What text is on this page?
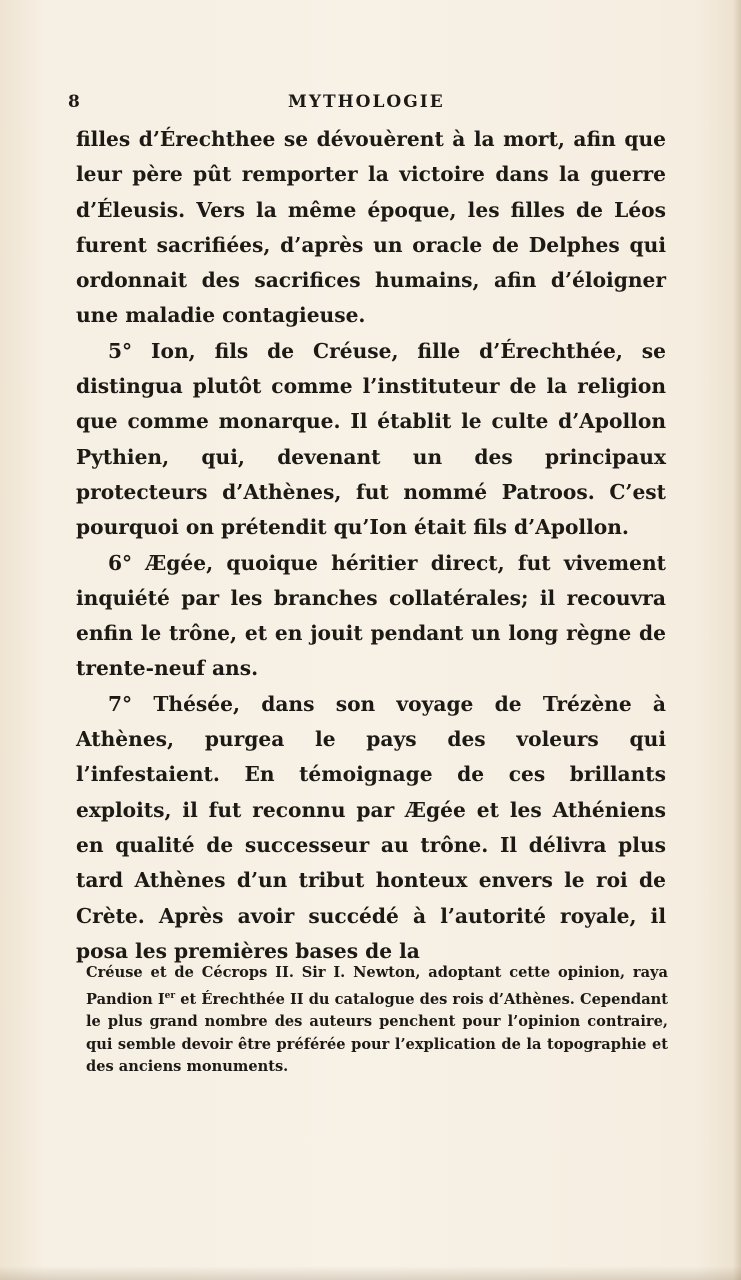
8	MYTHOLOGIE

filles d’Érechthee se dévouèrent à la mort, afin que leur père pût remporter la victoire dans la guerre d’Éleusis. Vers la même époque, les filles de Léos furent sacrifiées, d’après un oracle de Delphes qui ordonnait des sacrifices humains, afin d’éloigner une maladie contagieuse.

5° Ion, fils de Créuse, fille d’Érechthée, se distingua plutôt comme l’instituteur de la religion que comme monarque. Il établit le culte d’Apollon Pythien, qui, devenant un des principaux protecteurs d’Athènes, fut nommé Patroos. C’est pourquoi on prétendit qu’Ion était fils d’Apollon.

6° Ægée, quoique héritier direct, fut vivement inquiété par les branches collatérales; il recouvra enfin le trône, et en jouit pendant un long règne de trente-neuf ans.

7° Thésée, dans son voyage de Trézène à Athènes, purgea le pays des voleurs qui l’infestaient. En témoignage de ces brillants exploits, il fut reconnu par Ægée et les Athéniens en qualité de successeur au trône. Il délivra plus tard Athènes d’un tribut honteux envers le roi de Crète. Après avoir succédé à l’autorité royale, il posa les premières bases de la

Créuse et de Cécrops II. Sir I. Newton, adoptant cette opinion, raya Pandion Ier et Érechthée II du catalogue des rois d’Athènes. Cependant le plus grand nombre des auteurs penchent pour l’opinion contraire, qui semble devoir être préférée pour l’explication de la topographie et des anciens monuments.
